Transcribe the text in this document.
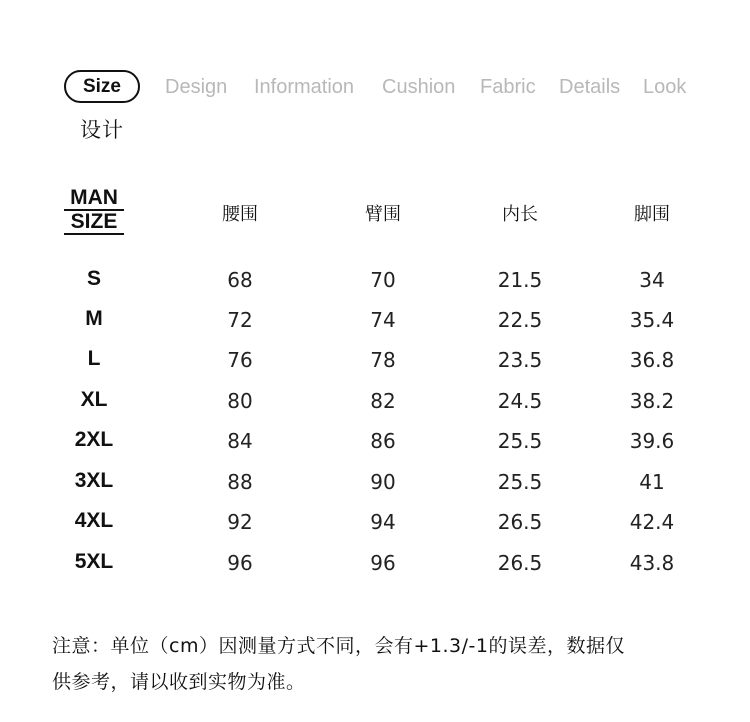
Size	Design Information Cushion Fabric Details Look
设计
MAN
SIZE	腰围	臂围	内长	脚围
S	68	70	21.5	34
M	72	74	22.5	35.4
L	76	78	23.5	36.8
XL	80	82	24.5	38.2
2XL	84	86	25.5	39.6
3XL	88	90	25.5	41
4XL	92	94	26.5	42.4
5XL	96	96	26.5	43.8
注意：单位（cm）因测量方式不同，会有+1.3/-1的误差，数据仅
供参考，请以收到实物为准。
